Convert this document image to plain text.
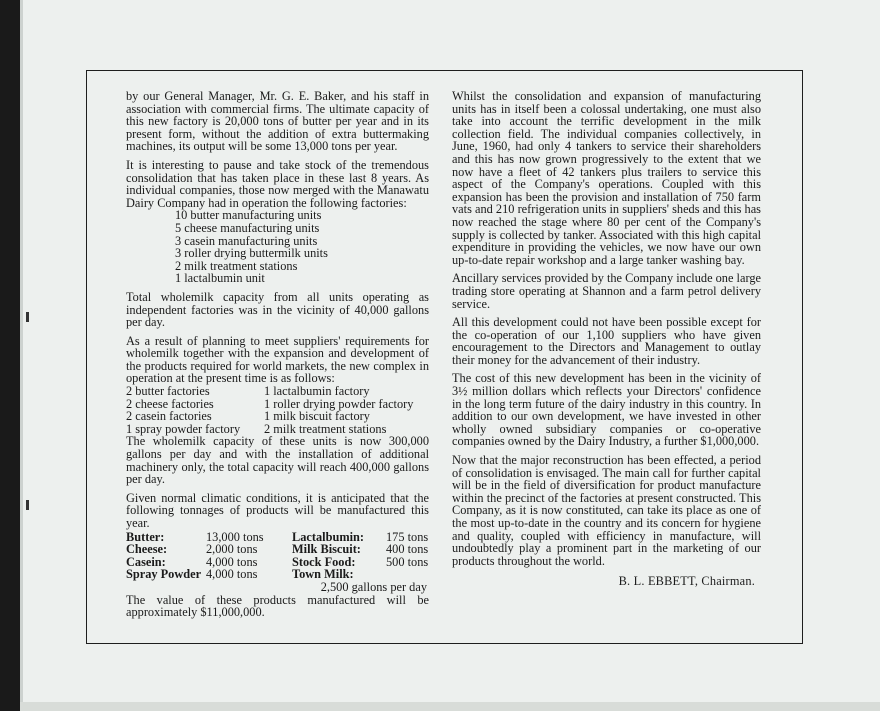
by our General Manager, Mr. G. E. Baker, and his staff in association with commercial firms. The ultimate capacity of this new factory is 20,000 tons of butter per year and in its present form, without the addition of extra buttermaking machines, its output will be some 13,000 tons per year.

It is interesting to pause and take stock of the tremendous consolidation that has taken place in these last 8 years. As individual companies, those now merged with the Manawatu Dairy Company had in operation the following factories:

10 butter manufacturing units
5 cheese manufacturing units
3 casein manufacturing units
3 roller drying buttermilk units
2 milk treatment stations
1 lactalbumin unit

Total wholemilk capacity from all units operating as independent factories was in the vicinity of 40,000 gallons per day.

As a result of planning to meet suppliers' requirements for wholemilk together with the expansion and development of the products required for world markets, the new complex in operation at the present time is as follows:

2 butter factories	1 lactalbumin factory
2 cheese factories	1 roller drying powder factory
2 casein factories	1 milk biscuit factory
1 spray powder factory	2 milk treatment stations

The wholemilk capacity of these units is now 300,000 gallons per day and with the installation of additional machinery only, the total capacity will reach 400,000 gallons per day.

Given normal climatic conditions, it is anticipated that the following tonnages of products will be manufactured this year.

Butter:	13,000 tons	Lactalbumin:	175 tons
Cheese:	2,000 tons	Milk Biscuit:	400 tons
Casein:	4,000 tons	Stock Food:	500 tons
Spray Powder	4,000 tons	Town Milk:	

2,500 gallons per day

The value of these products manufactured will be approximately $11,000,000.

Whilst the consolidation and expansion of manufacturing units has in itself been a colossal undertaking, one must also take into account the terrific development in the milk collection field. The individual companies collectively, in June, 1960, had only 4 tankers to service their shareholders and this has now grown progressively to the extent that we now have a fleet of 42 tankers plus trailers to service this aspect of the Company's operations. Coupled with this expansion has been the provision and installation of 750 farm vats and 210 refrigeration units in suppliers' sheds and this has now reached the stage where 80 per cent of the Company's supply is collected by tanker. Associated with this high capital expenditure in providing the vehicles, we now have our own up-to-date repair workshop and a large tanker washing bay.

Ancillary services provided by the Company include one large trading store operating at Shannon and a farm petrol delivery service.

All this development could not have been possible except for the co-operation of our 1,100 suppliers who have given encouragement to the Directors and Management to outlay their money for the advancement of their industry.

The cost of this new development has been in the vicinity of 3½ million dollars which reflects your Directors' confidence in the long term future of the dairy industry in this country. In addition to our own development, we have invested in other wholly owned subsidiary companies or co-operative companies owned by the Dairy Industry, a further $1,000,000.

Now that the major reconstruction has been effected, a period of consolidation is envisaged. The main call for further capital will be in the field of diversification for product manufacture within the precinct of the factories at present constructed. This Company, as it is now constituted, can take its place as one of the most up-to-date in the country and its concern for hygiene and quality, coupled with efficiency in manufacture, will undoubtedly play a prominent part in the marketing of our products throughout the world.

B. L. EBBETT, Chairman.
